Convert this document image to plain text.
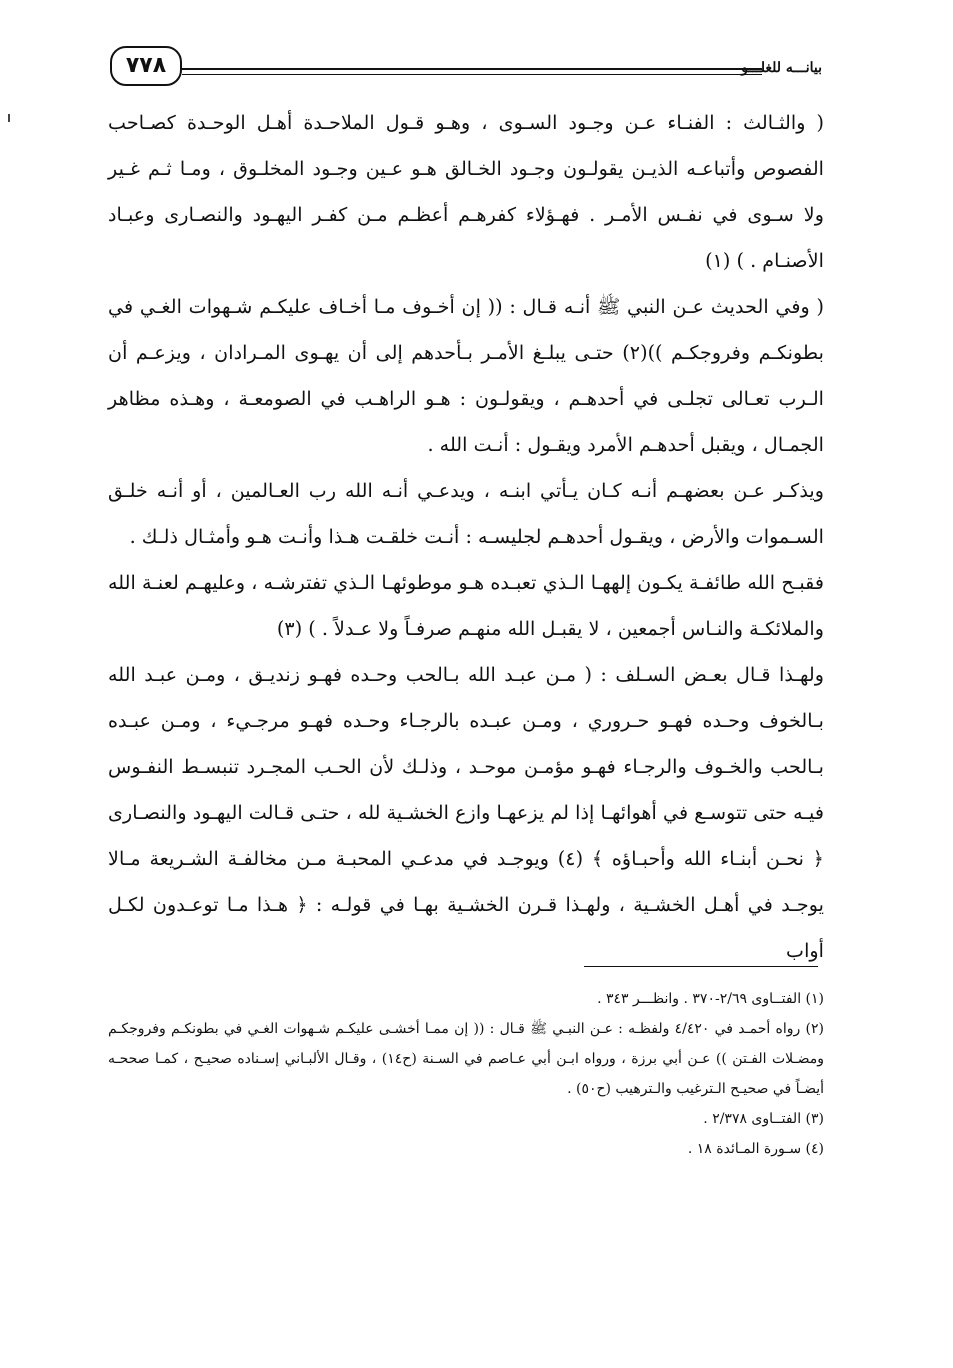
٧٧٨	بيانـــه للغلـــو

( والثـالث : الفنـاء عـن وجـود السـوى ، وهـو قـول الملاحـدة أهـل الوحـدة كصـاحب الفصوص وأتباعـه الذيـن يقولـون وجـود الخـالق هـو عـين وجـود المخلـوق ، ومـا ثـم غـير ولا سـوى في نفـس الأمـر . فهـؤلاء كفرهـم أعظـم مـن كفـر اليهـود والنصـارى وعبـاد الأصنـام . ) (١)

( وفي الحديث عـن النبي ﷺ أنـه قـال : (( إن أخـوف مـا أخـاف عليكـم شـهوات الغـي في بطونكـم وفروجكـم ))(٢) حتـى يبلـغ الأمـر بـأحدهم إلى أن يهـوى المـرادان ، ويزعـم أن الـرب تعـالى تجلـى في أحدهـم ، ويقولـون : هـو الراهـب في الصومعـة ، وهـذه مظاهر الجمـال ، ويقبل أحدهـم الأمرد ويقـول : أنـت الله .

ويذكـر عـن بعضهـم أنـه كـان يـأتي ابنـه ، ويدعـي أنـه الله رب العـالمين ، أو أنـه خلـق السـموات والأرض ، ويقـول أحدهـم لجليسـه : أنـت خلقـت هـذا وأنـت هـو وأمثـال ذلـك .

فقبـح الله طائفـة يكـون إلههـا الـذي تعبـده هـو موطوئهـا الـذي تفترشـه ، وعليهـم لعنـة الله والملائكـة والنـاس أجمعين ، لا يقبـل الله منهـم صرفـاً ولا عـدلاً . ) (٣)

ولهـذا قـال بعـض السـلف : ( مـن عبـد الله بـالحب وحـده فهـو زنديـق ، ومـن عبـد الله بـالخوف وحـده فهـو حـروري ، ومـن عبـده بالرجـاء وحـده فهـو مرجـيء ، ومـن عبـده بـالحب والخـوف والرجـاء فهـو مؤمـن موحـد ، وذلـك لأن الحـب المجـرد تنبسـط النفـوس فيـه حتى تتوسـع في أهوائهـا إذا لم يزعهـا وازع الخشـية لله ، حتـى قـالت اليهـود والنصـارى ﴿ نحـن أبنـاء الله وأحبـاؤه ﴾ (٤) ويوجـد في مدعـي المحبـة مـن مخالفـة الشـريعة مـالا يوجـد في أهـل الخشـية ، ولهـذا قـرن الخشـية بهـا في قولـه : ﴿ هـذا مـا توعـدون لكـل أواب

(١) الفتــاوى ٢/٦٩-٣٧٠ . وانظـــر ٣٤٣ .

(٢) رواه أحمـد في ٤/٤٢٠ ولفظـه : عـن النبـي ﷺ قـال : (( إن ممـا أخشـى عليكـم شـهوات الغـي في بطونكـم وفروجكـم ومضـلات الفـتن )) عـن أبي برزة ، ورواه ابـن أبي عـاصم في السـنة (ح١٤) ، وقـال الألبـاني إسـناده صحيـح ، كمـا صححـه أيضـاً في صحيـح الـترغيب والـترهيب (ح٥٠) .

(٣) الفتــاوى ٢/٣٧٨ .

(٤) سـورة المـائدة ١٨ .
